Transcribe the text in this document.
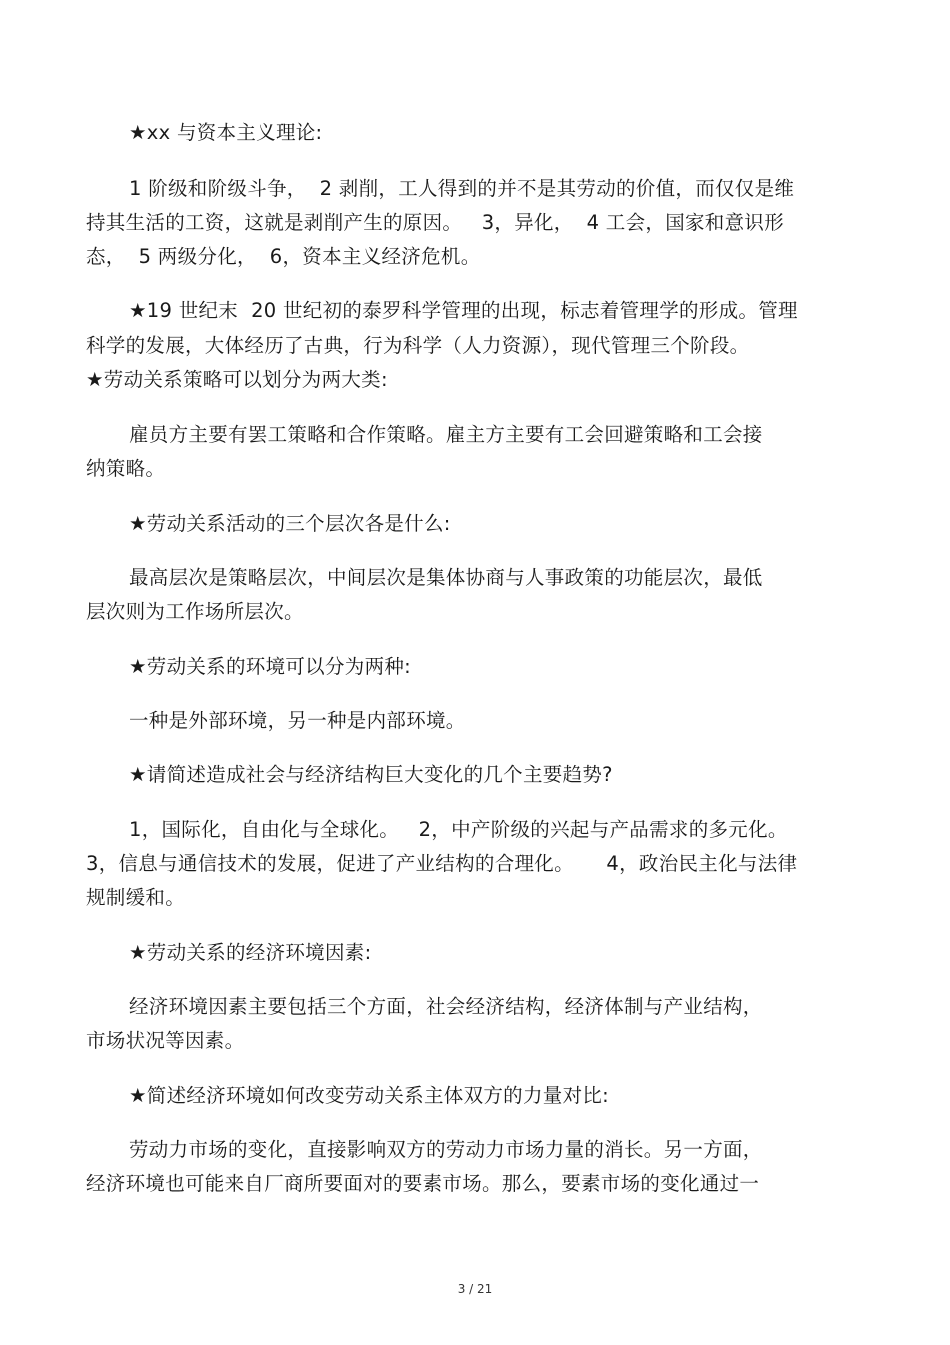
★xx 与资本主义理论:
1 阶级和阶级斗争，  2 剥削，工人得到的并不是其劳动的价值，而仅仅是维
持其生活的工资，这就是剥削产生的原因。   3，异化，  4 工会，国家和意识形
态，  5 两级分化，  6，资本主义经济危机。
★19 世纪末  20 世纪初的泰罗科学管理的出现，标志着管理学的形成。管理
科学的发展，大体经历了古典，行为科学（人力资源），现代管理三个阶段。
★劳动关系策略可以划分为两大类:
雇员方主要有罢工策略和合作策略。雇主方主要有工会回避策略和工会接
纳策略。
★劳动关系活动的三个层次各是什么:
最高层次是策略层次，中间层次是集体协商与人事政策的功能层次，最低
层次则为工作场所层次。
★劳动关系的环境可以分为两种:
一种是外部环境，另一种是内部环境。
★请简述造成社会与经济结构巨大变化的几个主要趋势?
1，国际化，自由化与全球化。   2，中产阶级的兴起与产品需求的多元化。
3，信息与通信技术的发展，促进了产业结构的合理化。     4，政治民主化与法律
规制缓和。
★劳动关系的经济环境因素:
经济环境因素主要包括三个方面，社会经济结构，经济体制与产业结构，
市场状况等因素。
★简述经济环境如何改变劳动关系主体双方的力量对比:
劳动力市场的变化，直接影响双方的劳动力市场力量的消长。另一方面，
经济环境也可能来自厂商所要面对的要素市场。那么，要素市场的变化通过一
3 / 21
